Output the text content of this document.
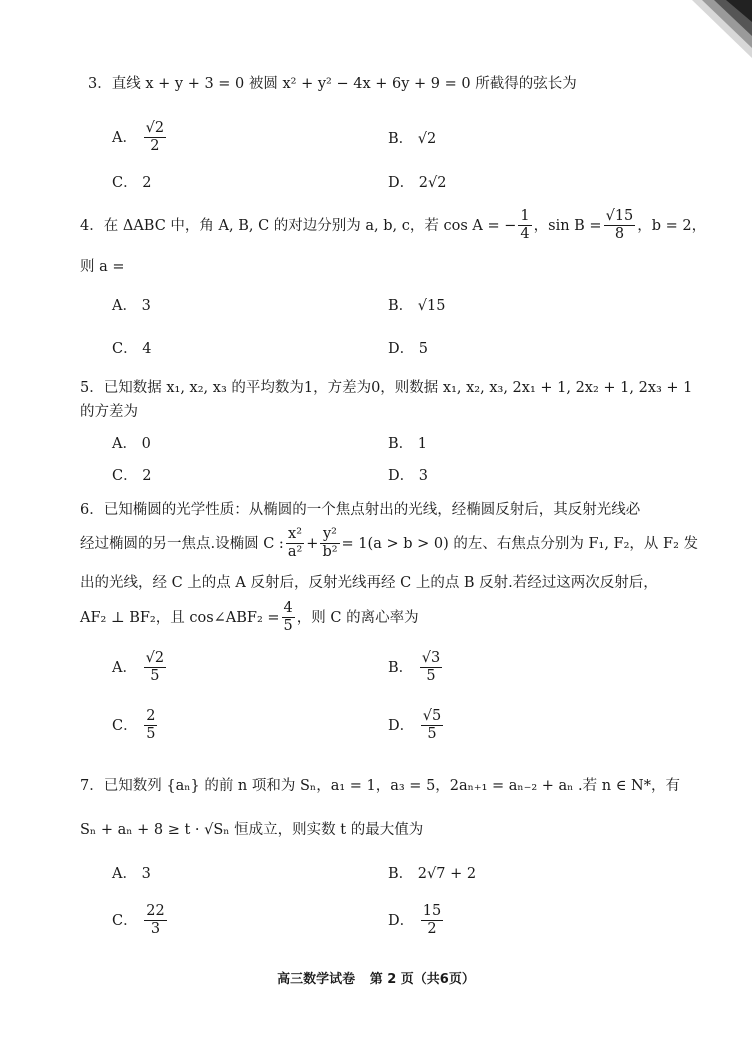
3．直线 x + y + 3 = 0 被圆 x² + y² − 4x + 6y + 9 = 0 所截得的弦长为
A． $\frac{√2}{2}$	B． √2
C． 2	D． 2√2
4．在 ΔABC 中，角 A, B, C 的对边分别为 a, b, c，若 cos A = − $\frac{1}{4}$ ，$\sin B = \frac{√15}{8}$ ，b = 2，
则 a =
A． 3	B． √15
C． 4	D． 5
5．已知数据 x₁, x₂, x₃ 的平均数为1，方差为0，则数据 x₁, x₂, x₃, 2x₁ + 1, 2x₂ + 1, 2x₃ + 1
的方差为
A． 0	B． 1
C． 2	D． 3
6．已知椭圆的光学性质：从椭圆的一个焦点射出的光线，经椭圆反射后，其反射光线必
经过椭圆的另一焦点.设椭圆 C : $\frac{\text{x²}}{\text{a²}} + \frac{\text{y²}}{\text{b²}} = 1(a > b > 0)$ 的左、右焦点分别为 F₁, F₂，从 F₂ 发
出的光线，经 C 上的点 A 反射后，反射光线再经 C 上的点 B 反射.若经过这两次反射后，
AF₂ ⊥ BF₂，且 cos∠ABF₂ = $\frac{4}{5}$ ，则 C 的离心率为
A． $\frac{√2}{5}$	B． $\frac{√3}{5}$
C． $\frac{2}{5}$	D． $\frac{√5}{5}$
7．已知数列 {aₙ} 的前 n 项和为 Sₙ，a₁ = 1，a₃ = 5，2aₙ₊₁ = aₙ₋₂ + aₙ .若 n ∈ N*，有
Sₙ + aₙ + 8 ≥ t · √Sₙ 恒成立，则实数 t 的最大值为
A． 3	B． 2√7 + 2
C． $\frac{22}{3}$	D． $\frac{15}{2}$
高三数学试卷 第 2 页（共6页）
